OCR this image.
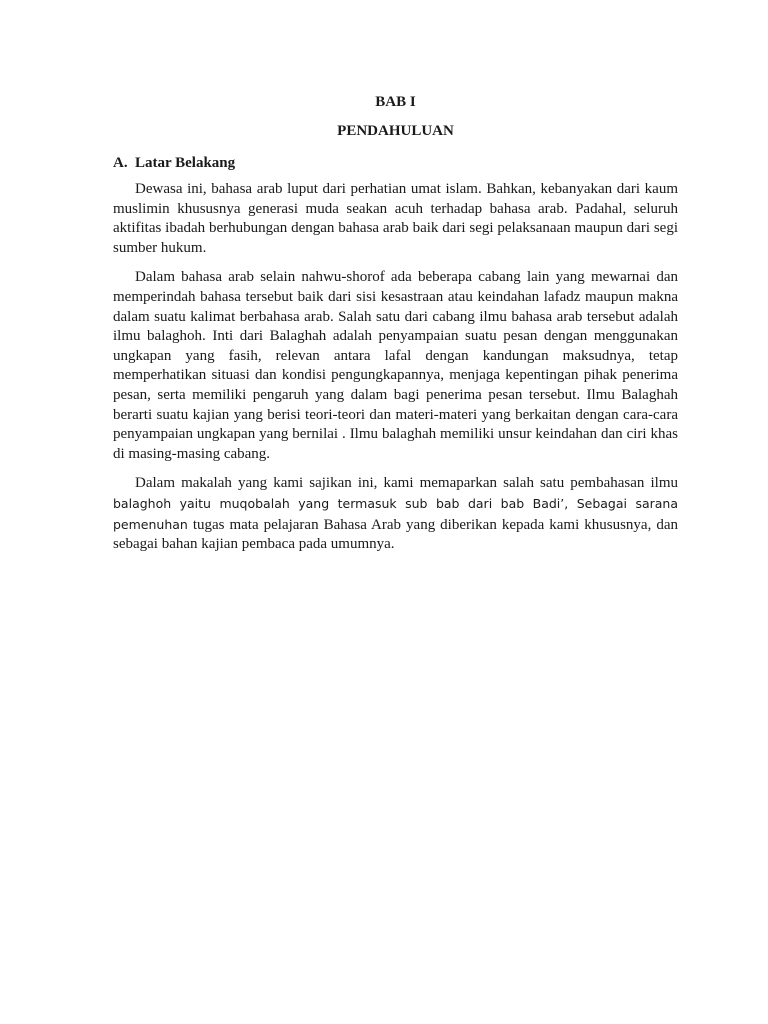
BAB I

PENDAHULUAN

A. Latar Belakang

Dewasa ini, bahasa arab luput dari perhatian umat islam. Bahkan, kebanyakan dari kaum muslimin khususnya generasi muda seakan acuh terhadap bahasa arab. Padahal, seluruh aktifitas ibadah berhubungan dengan bahasa arab baik dari segi pelaksanaan maupun dari segi sumber hukum.

Dalam bahasa arab selain nahwu-shorof ada beberapa cabang lain yang mewarnai dan memperindah bahasa tersebut baik dari sisi kesastraan atau keindahan lafadz maupun makna dalam suatu kalimat berbahasa arab. Salah satu dari cabang ilmu bahasa arab tersebut adalah ilmu balaghoh. Inti dari Balaghah adalah penyampaian suatu pesan dengan menggunakan ungkapan yang fasih, relevan antara lafal dengan kandungan maksudnya, tetap memperhatikan situasi dan kondisi pengungkapannya, menjaga kepentingan pihak penerima pesan, serta memiliki pengaruh yang dalam bagi penerima pesan tersebut. Ilmu Balaghah berarti suatu kajian yang berisi teori-teori dan materi-materi yang berkaitan dengan cara-cara penyampaian ungkapan yang bernilai . Ilmu balaghah memiliki unsur keindahan dan ciri khas di masing-masing cabang.

Dalam makalah yang kami sajikan ini, kami memaparkan salah satu pembahasan ilmu balaghoh yaitu muqobalah yang termasuk sub bab dari bab Badi’, Sebagai sarana pemenuhan tugas mata pelajaran Bahasa Arab yang diberikan kepada kami khususnya, dan sebagai bahan kajian pembaca pada umumnya.
